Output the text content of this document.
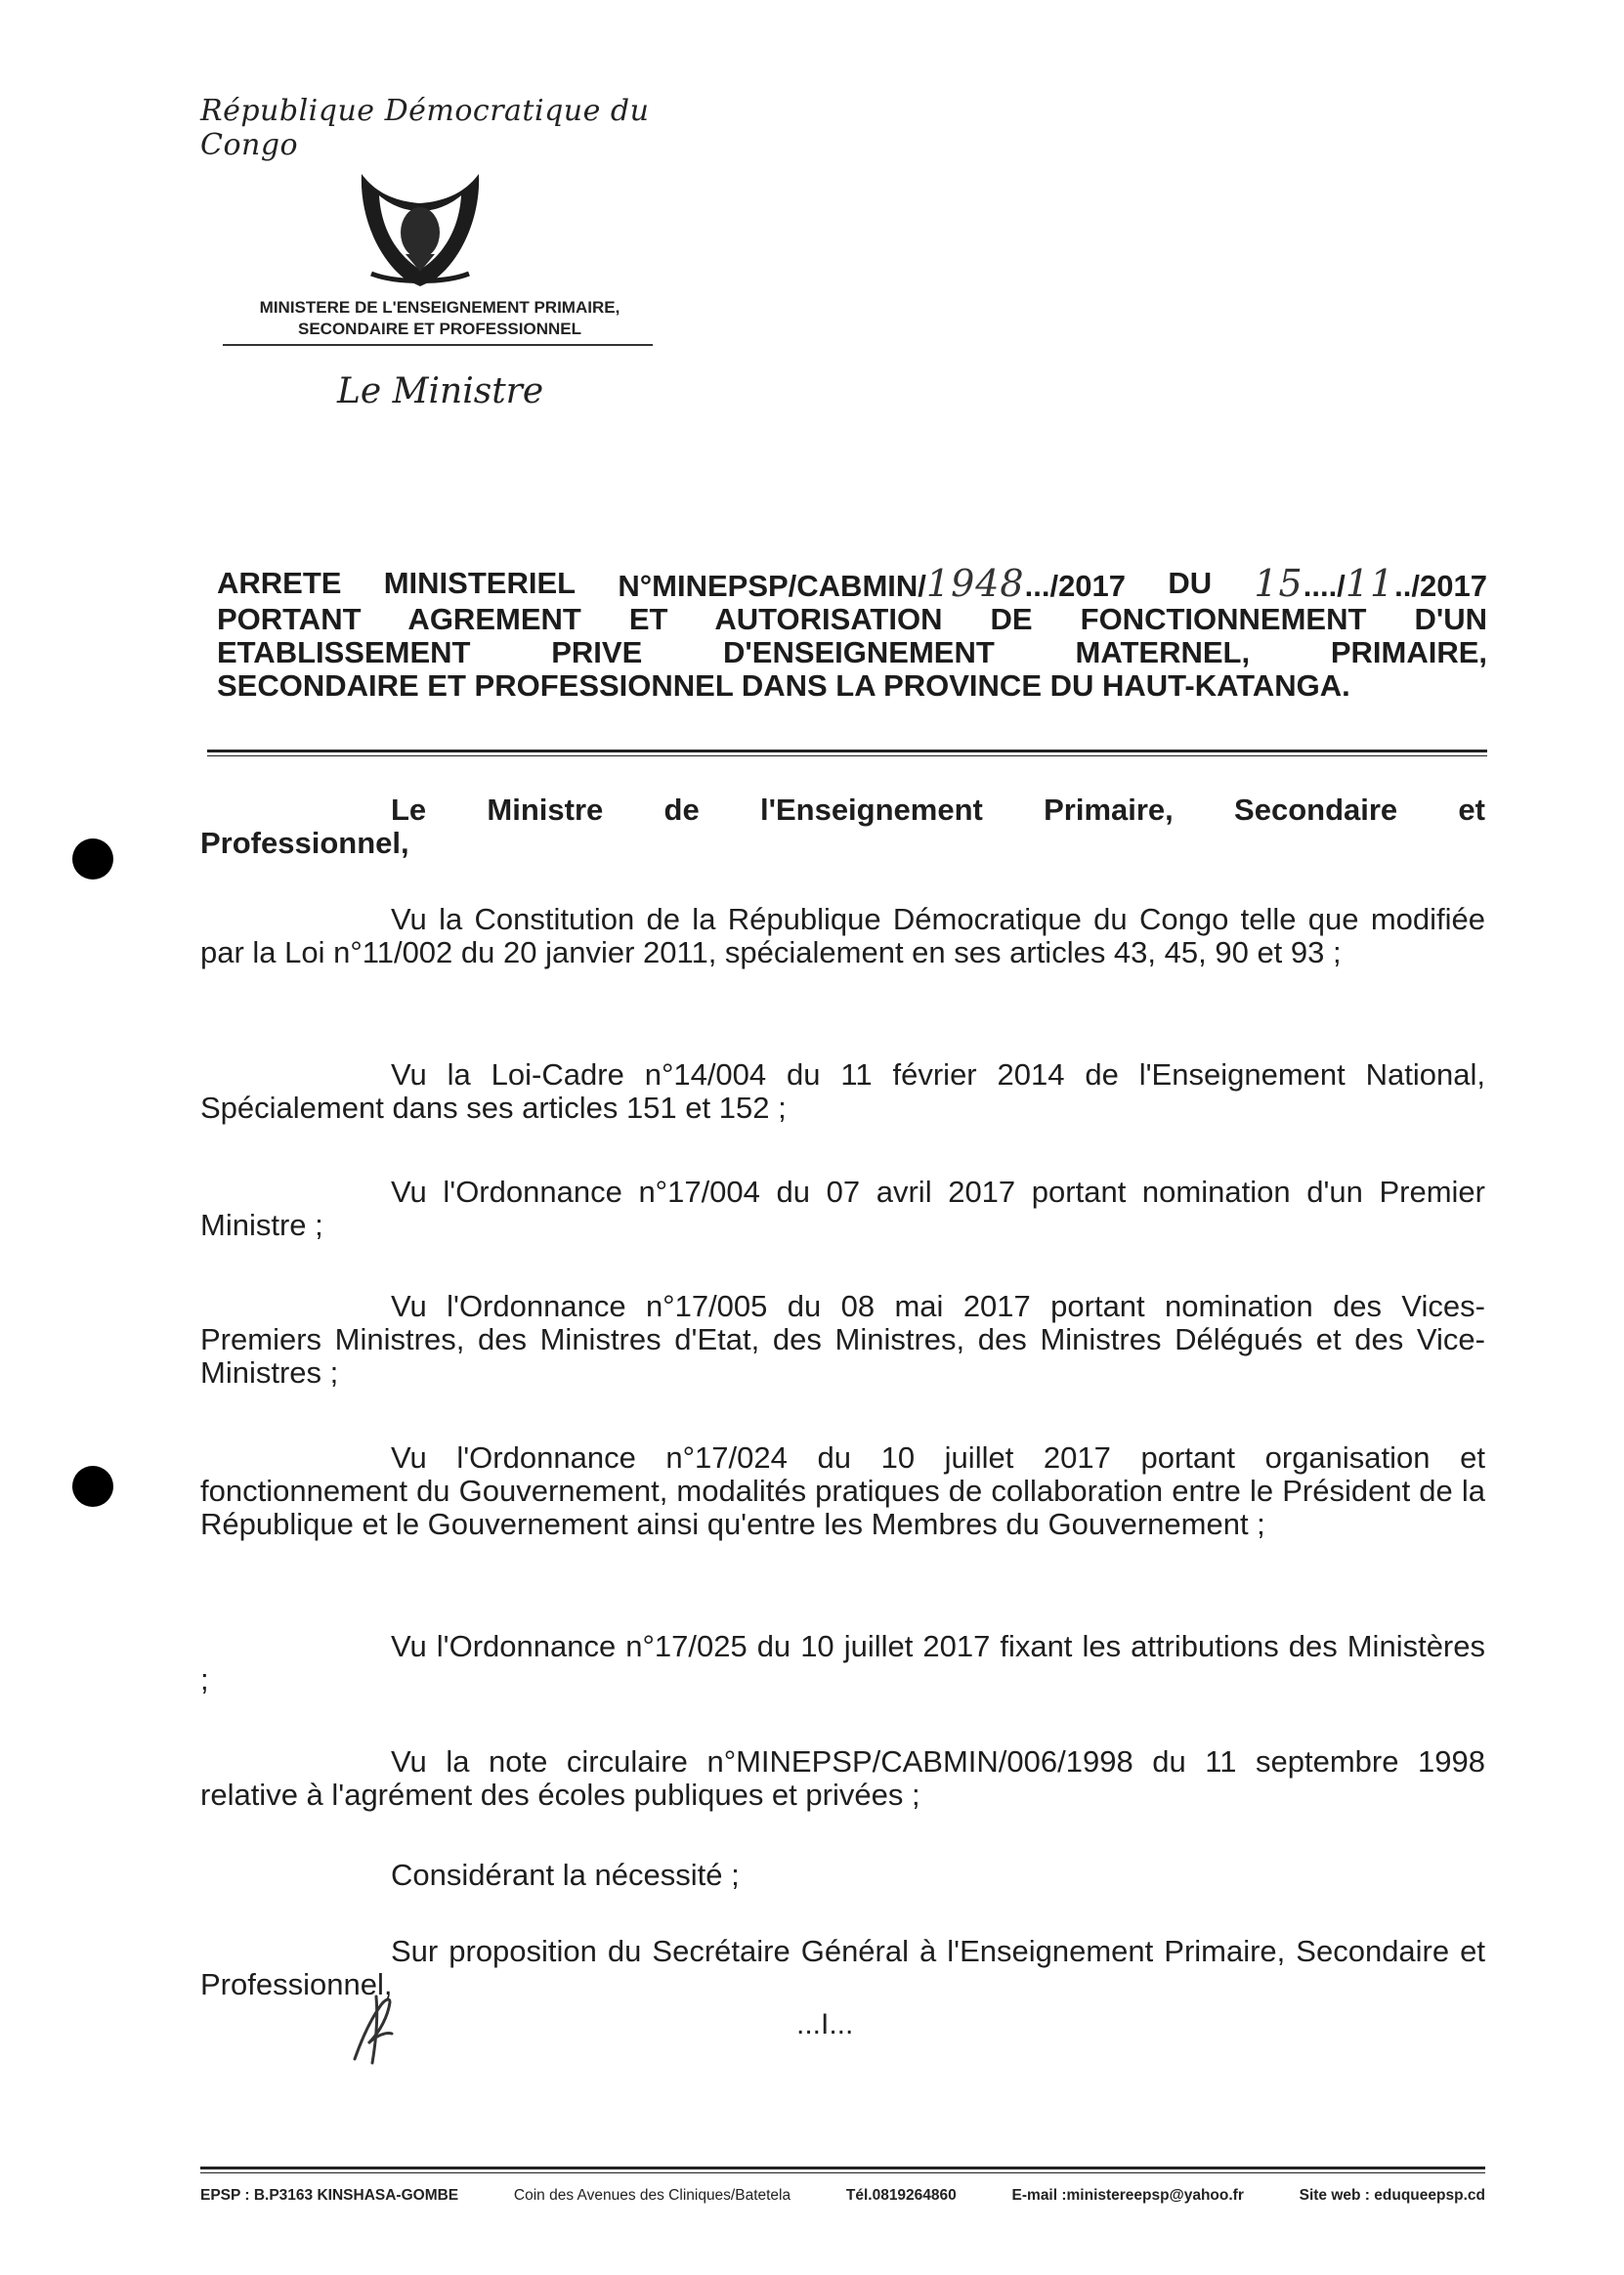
République Démocratique du Congo
MINISTERE DE L'ENSEIGNEMENT PRIMAIRE,
SECONDAIRE ET PROFESSIONNEL
Le Ministre
ARRETE MINISTERIEL N°MINEPSP/CABMIN/1948.../2017 DU 15..../11../2017
PORTANT AGREMENT ET AUTORISATION DE FONCTIONNEMENT D'UN
ETABLISSEMENT PRIVE D'ENSEIGNEMENT MATERNEL, PRIMAIRE,
SECONDAIRE ET PROFESSIONNEL DANS LA PROVINCE DU HAUT-KATANGA.
Le Ministre de l'Enseignement Primaire, Secondaire et Professionnel,
Vu la Constitution de la République Démocratique du Congo telle que modifiée par la Loi n°11/002 du 20 janvier 2011, spécialement en ses articles 43, 45, 90 et 93 ;
Vu la Loi-Cadre n°14/004 du 11 février 2014 de l'Enseignement National, Spécialement dans ses articles 151 et 152 ;
Vu l'Ordonnance n°17/004 du 07 avril 2017 portant nomination d'un Premier Ministre ;
Vu l'Ordonnance n°17/005 du 08 mai 2017 portant nomination des Vices-Premiers Ministres, des Ministres d'Etat, des Ministres, des Ministres Délégués et des Vice-Ministres ;
Vu l'Ordonnance n°17/024 du 10 juillet 2017 portant organisation et fonctionnement du Gouvernement, modalités pratiques de collaboration entre le Président de la République et le Gouvernement ainsi qu'entre les Membres du Gouvernement ;
Vu l'Ordonnance n°17/025 du 10 juillet 2017 fixant les attributions des Ministères ;
Vu la note circulaire n°MINEPSP/CABMIN/006/1998 du 11 septembre 1998 relative à l'agrément des écoles publiques et privées ;
Considérant la nécessité ;
Sur proposition du Secrétaire Général à l'Enseignement Primaire, Secondaire et Professionnel,
...I...
EPSP : B.P3163 KINSHASA-GOMBE	Coin des Avenues des Cliniques/Batetela	Tél.0819264860	E-mail :ministereepsp@yahoo.fr	Site web : eduqueepsp.cd
